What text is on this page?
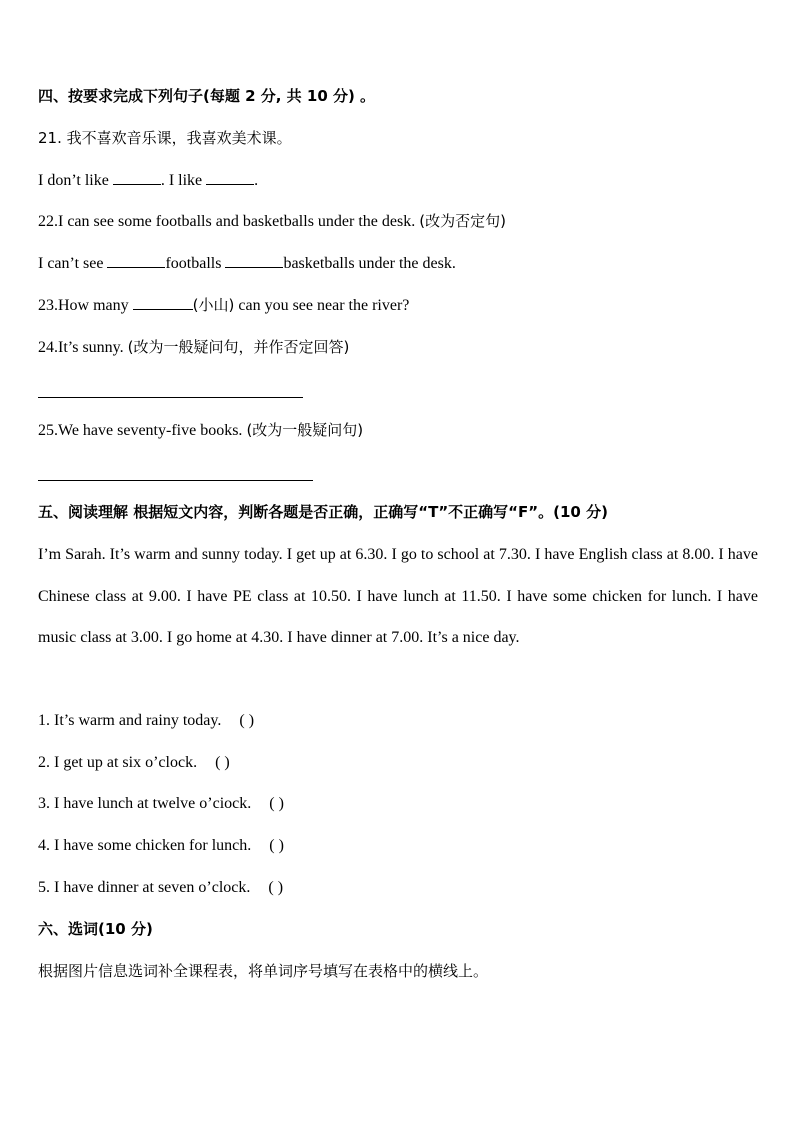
四、按要求完成下列句子(每题 2 分, 共 10 分) 。
21. 我不喜欢音乐课，我喜欢美术课。
I don’t like	. I like	.
22.I can see some footballs and basketballs under the desk. (改为否定句)
I can’t see	footballs	basketballs under the desk.
23.How many	(小山) can you see near the river?
24.It’s sunny. (改为一般疑问句，并作否定回答)
25.We have seventy-five books. (改为一般疑问句)
五、阅读理解 根据短文内容，判断各题是否正确，正确写“T”不正确写“F”。(10 分)
I’m Sarah. It’s warm and sunny today. I get up at 6.30. I go to school at 7.30. I have English class at 8.00. I have Chinese class at 9.00. I have PE class at 10.50. I have lunch at 11.50. I have some chicken for lunch. I have music class at 3.00. I go home at 4.30. I have dinner at 7.00. It’s a nice day.
1. It’s warm and rainy today. ( )
2. I get up at six o’clock. ( )
3. I have lunch at twelve o’ciock. ( )
4. I have some chicken for lunch. ( )
5. I have dinner at seven o’clock. ( )
六、选词(10 分)
根据图片信息选词补全课程表，将单词序号填写在表格中的横线上。
